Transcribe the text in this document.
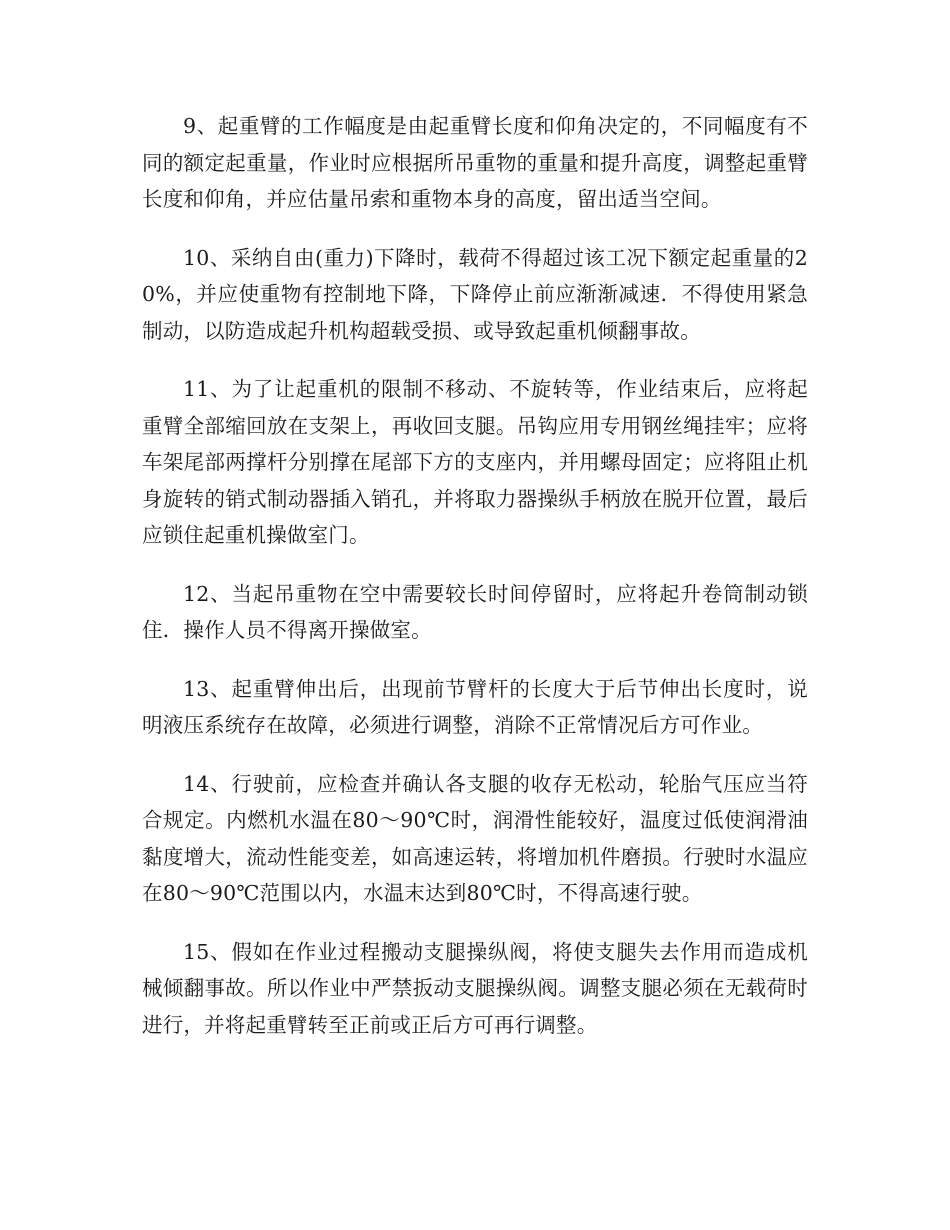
9、起重臂的工作幅度是由起重臂长度和仰角决定的，不同幅度有不同的额定起重量，作业时应根据所吊重物的重量和提升高度，调整起重臂长度和仰角，并应估量吊索和重物本身的高度，留出适当空间。

10、采纳自由(重力)下降时，载荷不得超过该工况下额定起重量的20%，并应使重物有控制地下降，下降停止前应渐渐减速．不得使用紧急制动，以防造成起升机构超载受损、或导致起重机倾翻事故。

11、为了让起重机的限制不移动、不旋转等，作业结束后，应将起重臂全部缩回放在支架上，再收回支腿。吊钩应用专用钢丝绳挂牢；应将车架尾部两撑杆分别撑在尾部下方的支座内，并用螺母固定；应将阻止机身旋转的销式制动器插入销孔，并将取力器操纵手柄放在脱开位置，最后应锁住起重机操做室门。

12、当起吊重物在空中需要较长时间停留时，应将起升卷筒制动锁住．操作人员不得离开操做室。

13、起重臂伸出后，出现前节臂杆的长度大于后节伸出长度时，说明液压系统存在故障，必须进行调整，消除不正常情况后方可作业。

14、行驶前，应检查并确认各支腿的收存无松动，轮胎气压应当符合规定。内燃机水温在80～90℃时，润滑性能较好，温度过低使润滑油黏度增大，流动性能变差，如高速运转，将增加机件磨损。行驶时水温应在80～90℃范围以内，水温末达到80℃时，不得高速行驶。

15、假如在作业过程搬动支腿操纵阀，将使支腿失去作用而造成机械倾翻事故。所以作业中严禁扳动支腿操纵阀。调整支腿必须在无载荷时进行，并将起重臂转至正前或正后方可再行调整。
